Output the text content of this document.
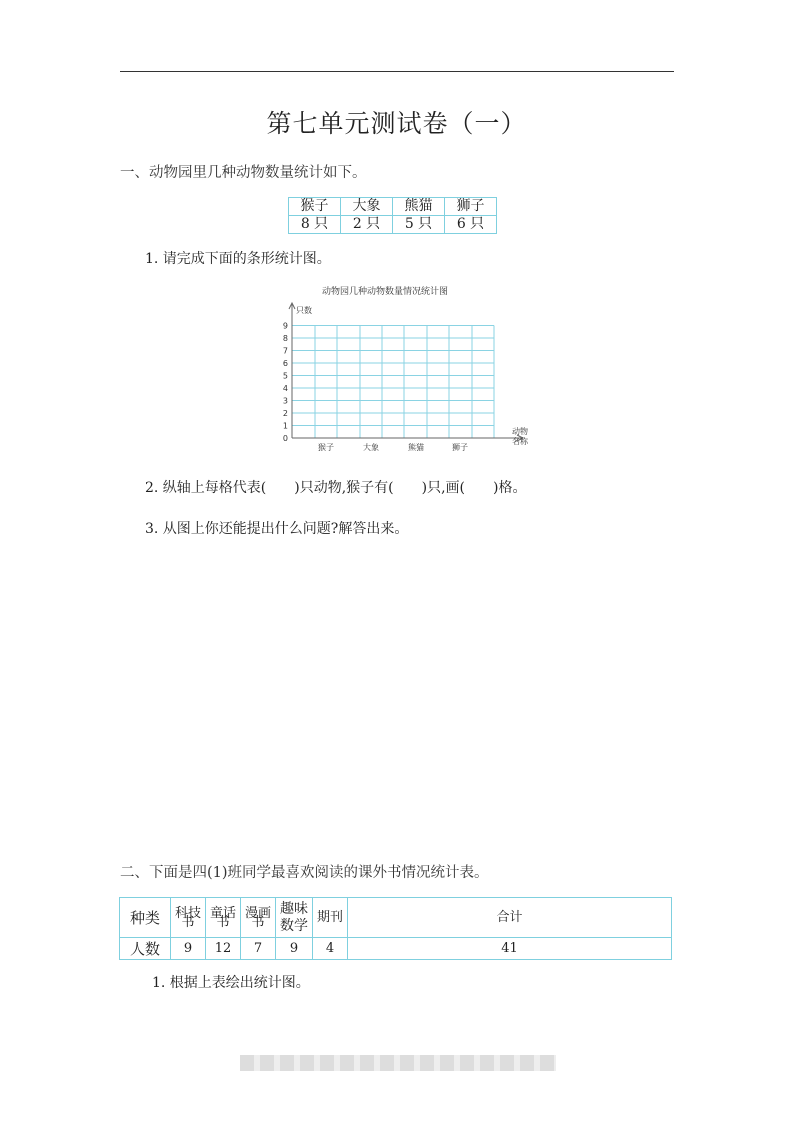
第七单元测试卷（一）
一、动物园里几种动物数量统计如下。
猴子	大象	熊猫	狮子
8 只	2 只	5 只	6 只
1. 请完成下面的条形统计图。
动物园几种动物数量情况统计图
只数
0
1
2
3
4
5
6
7
8
9
猴子	大象	熊猫	狮子
动物
名称
2. 纵轴上每格代表(　　)只动物,猴子有(　　)只,画(　　)格。
3. 从图上你还能提出什么问题?解答出来。
二、下面是四(1)班同学最喜欢阅读的课外书情况统计表。
种类	科技书	童话书	漫画书	趣味数学	期刊	合计
人数	9	12	7	9	4	41
1. 根据上表绘出统计图。
